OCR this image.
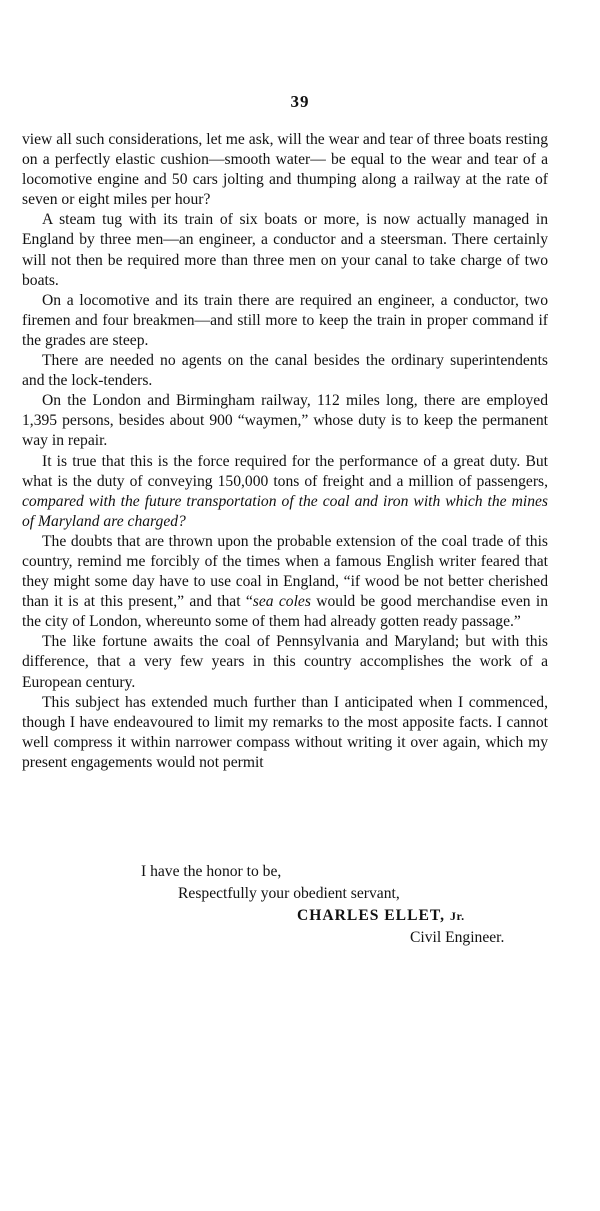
39

view all such considerations, let me ask, will the wear and tear of three boats resting on a perfectly elastic cushion—smooth water— be equal to the wear and tear of a locomotive engine and 50 cars jolting and thumping along a railway at the rate of seven or eight miles per hour?

A steam tug with its train of six boats or more, is now actually managed in England by three men—an engineer, a conductor and a steersman. There certainly will not then be required more than three men on your canal to take charge of two boats.

On a locomotive and its train there are required an engineer, a conductor, two firemen and four breakmen—and still more to keep the train in proper command if the grades are steep.

There are needed no agents on the canal besides the ordinary superintendents and the lock-tenders.

On the London and Birmingham railway, 112 miles long, there are employed 1,395 persons, besides about 900 “waymen,” whose duty is to keep the permanent way in repair.

It is true that this is the force required for the performance of a great duty. But what is the duty of conveying 150,000 tons of freight and a million of passengers, compared with the future transportation of the coal and iron with which the mines of Maryland are charged?

The doubts that are thrown upon the probable extension of the coal trade of this country, remind me forcibly of the times when a famous English writer feared that they might some day have to use coal in England, “if wood be not better cherished than it is at this present,” and that “sea coles would be good merchandise even in the city of London, whereunto some of them had already gotten ready passage.”

The like fortune awaits the coal of Pennsylvania and Maryland; but with this difference, that a very few years in this country accomplishes the work of a European century.

This subject has extended much further than I anticipated when I commenced, though I have endeavoured to limit my remarks to the most apposite facts. I cannot well compress it within narrower compass without writing it over again, which my present engagements would not permit

I have the honor to be,
Respectfully your obedient servant,
CHARLES ELLET, Jr.
Civil Engineer.
